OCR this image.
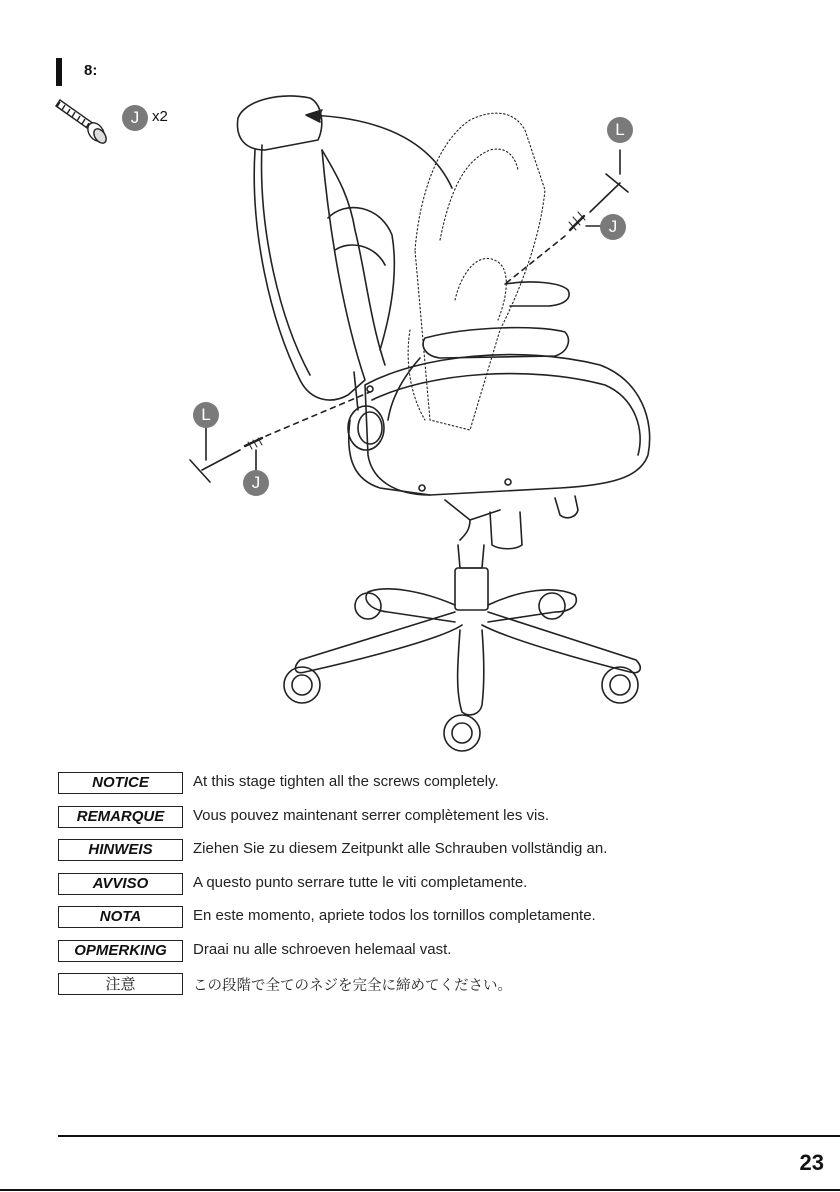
8:
J x2
L
J
L
J
NOTICE	At this stage tighten all the screws completely.
REMARQUE	Vous pouvez maintenant serrer complètement les vis.
HINWEIS	Ziehen Sie zu diesem Zeitpunkt alle Schrauben vollständig an.
AVVISO	A questo punto serrare tutte le viti completamente.
NOTA	En este momento, apriete todos los tornillos completamente.
OPMERKING	Draai nu alle schroeven helemaal vast.
注意	この段階で全てのネジを完全に締めてください。
23
